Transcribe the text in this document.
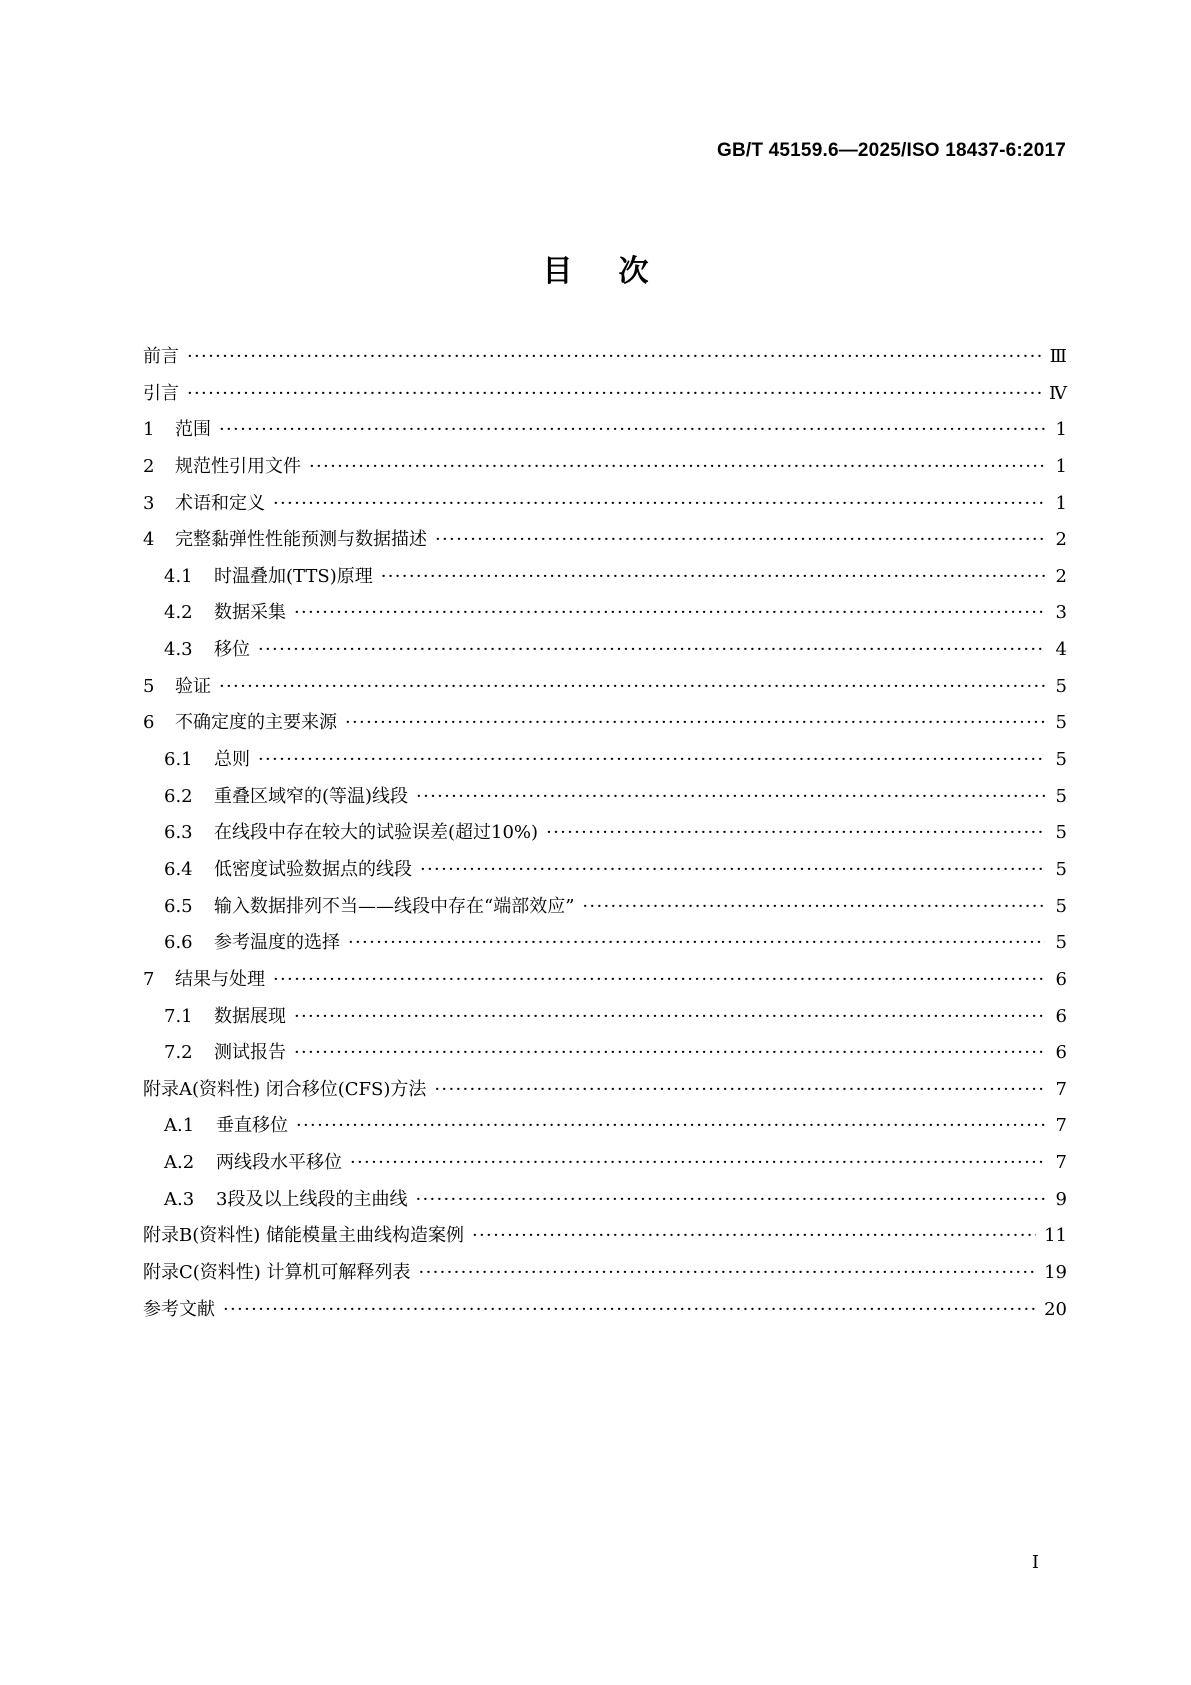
GB/T 45159.6—2025/ISO 18437-6:2017
目次
前言 ·····	Ⅲ
引言 ·····	Ⅳ
1 范围 ·····	1
2 规范性引用文件 ·····	1
3 术语和定义 ·····	1
4 完整黏弹性性能预测与数据描述 ·····	2
4.1 时温叠加(TTS)原理 ·····	2
4.2 数据采集 ·····	3
4.3 移位 ·····	4
5 验证 ·····	5
6 不确定度的主要来源 ·····	5
6.1 总则 ·····	5
6.2 重叠区域窄的(等温)线段 ·····	5
6.3 在线段中存在较大的试验误差(超过10%) ·····	5
6.4 低密度试验数据点的线段 ·····	5
6.5 输入数据排列不当——线段中存在“端部效应” ·····	5
6.6 参考温度的选择 ·····	5
7 结果与处理 ·····	6
7.1 数据展现 ·····	6
7.2 测试报告 ·····	6
附录A(资料性) 闭合移位(CFS)方法 ·····	7
A.1	垂直移位 ·····	7
A.2	两线段水平移位 ·····	7
A.3	3段及以上线段的主曲线 ·····	9
附录B(资料性) 储能模量主曲线构造案例 ·····	11
附录C(资料性) 计算机可解释列表 ·····	19
参考文献 ·····	20
I
